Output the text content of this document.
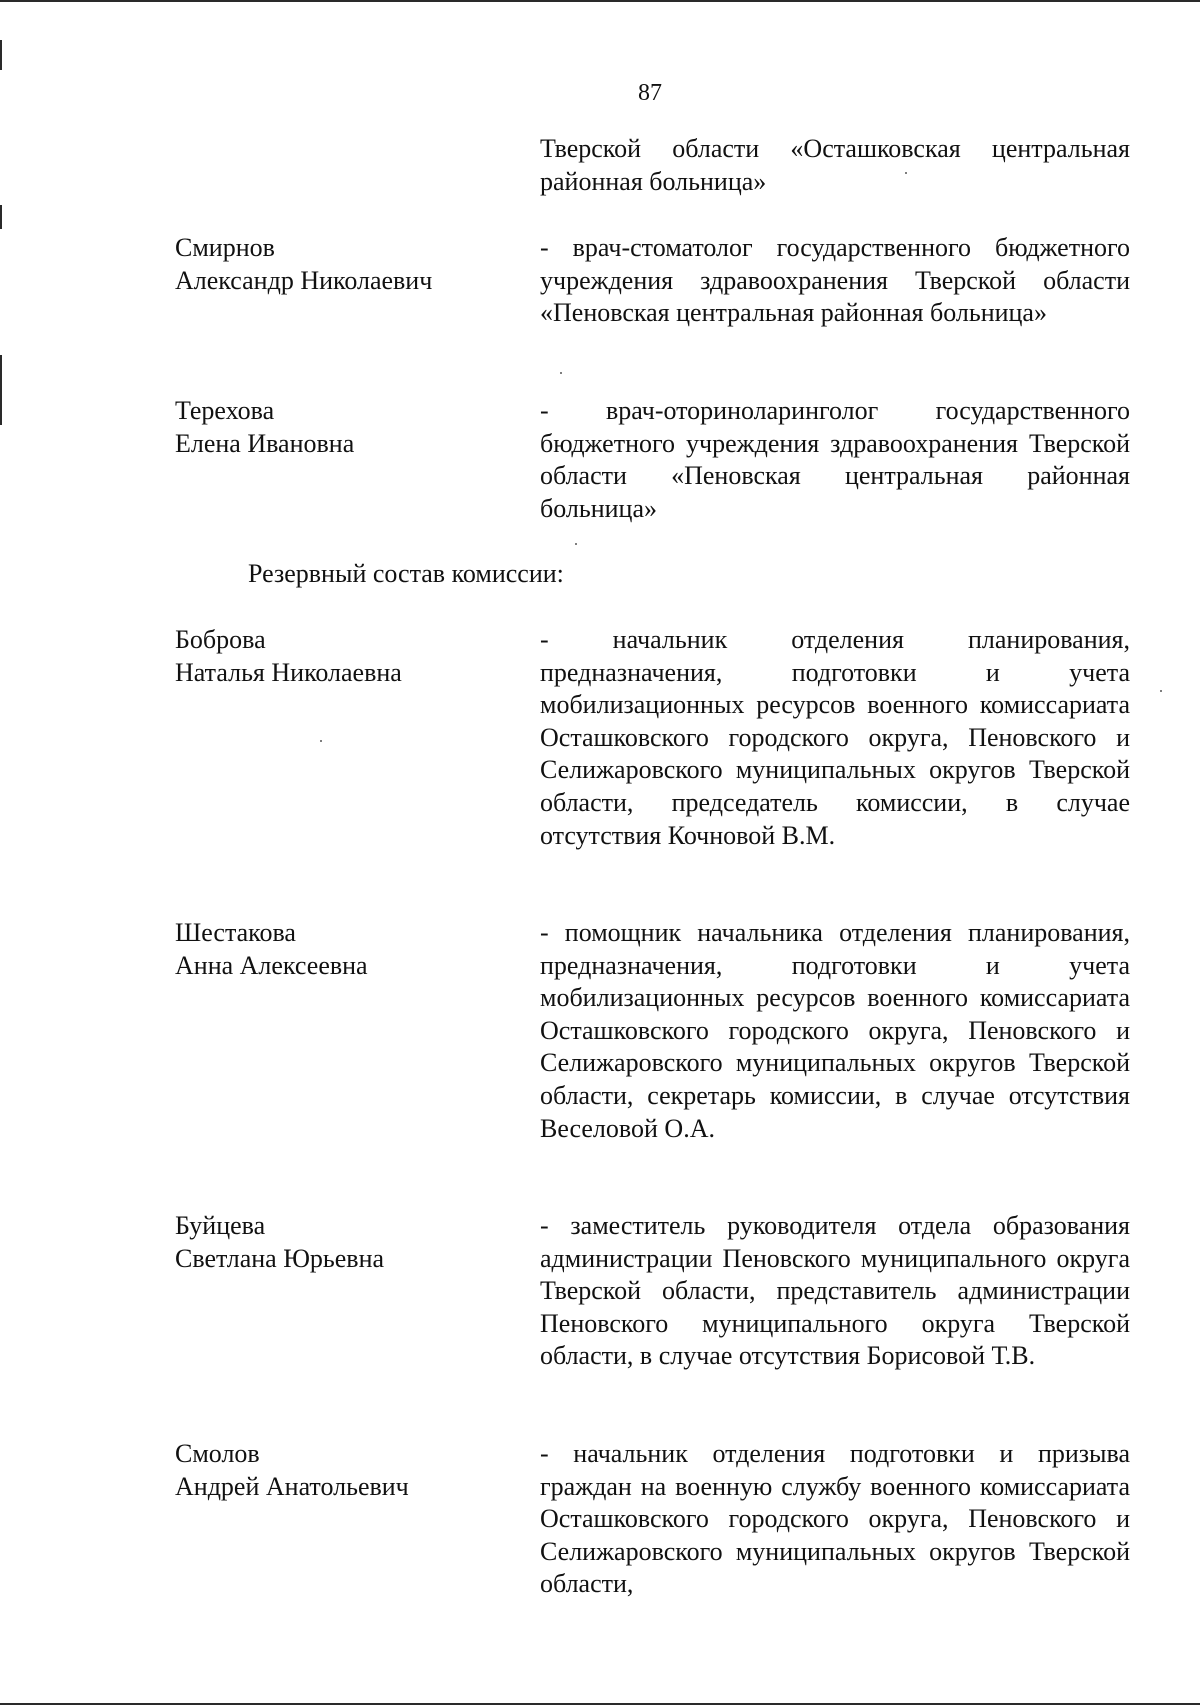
87
Тверской области «Осташковская центральная районная больница»
Смирнов
Александр Николаевич
- врач-стоматолог государственного бюджетного учреждения здравоохранения Тверской области «Пеновская центральная районная больница»
Терехова
Елена Ивановна
- врач-оториноларинголог государственного бюджетного учреждения здравоохранения Тверской области «Пеновская центральная районная больница»
Резервный состав комиссии:
Боброва
Наталья Николаевна
- начальник отделения планирования, предназначения, подготовки и учета мобилизационных ресурсов военного комиссариата Осташковского городского округа, Пеновского и Селижаровского муниципальных округов Тверской области, председатель комиссии, в случае отсутствия Кочновой В.М.
Шестакова
Анна Алексеевна
- помощник начальника отделения планирования, предназначения, подготовки и учета мобилизационных ресурсов военного комиссариата Осташковского городского округа, Пеновского и Селижаровского муниципальных округов Тверской области, секретарь комиссии, в случае отсутствия Веселовой О.А.
Буйцева
Светлана Юрьевна
- заместитель руководителя отдела образования администрации Пеновского муниципального округа Тверской области, представитель администрации Пеновского муниципального округа Тверской области, в случае отсутствия Борисовой Т.В.
Смолов
Андрей Анатольевич
- начальник отделения подготовки и призыва граждан на военную службу военного комиссариата Осташковского городского округа, Пеновского и Селижаровского муниципальных округов Тверской области,
